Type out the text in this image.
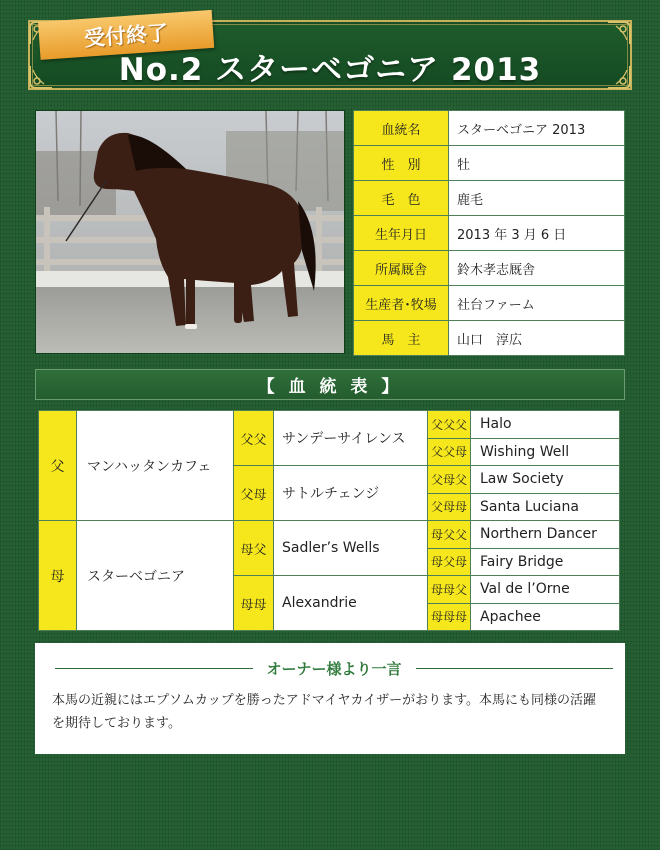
No.2 スターベゴニア 2013
受付終了
血統名	スターベゴニア 2013
性　別	牡
毛　色	鹿毛
生年月日	2013 年 3 月 6 日
所属厩舎	鈴木孝志厩舎
生産者･牧場	社台ファーム
馬　主	山口　淳広
【 血 統 表 】
父	マンハッタンカフェ	父父	サンデーサイレンス	父父父	Halo
				父父母	Wishing Well
		父母	サトルチェンジ	父母父	Law Society
				父母母	Santa Luciana
母	スターベゴニア	母父	Sadler’s Wells	母父父	Northern Dancer
				母父母	Fairy Bridge
		母母	Alexandrie	母母父	Val de l’Orne
				母母母	Apachee
オーナー様より一言
本馬の近親にはエプソムカップを勝ったアドマイヤカイザーがおります。本馬にも同様の活躍を期待しております。
